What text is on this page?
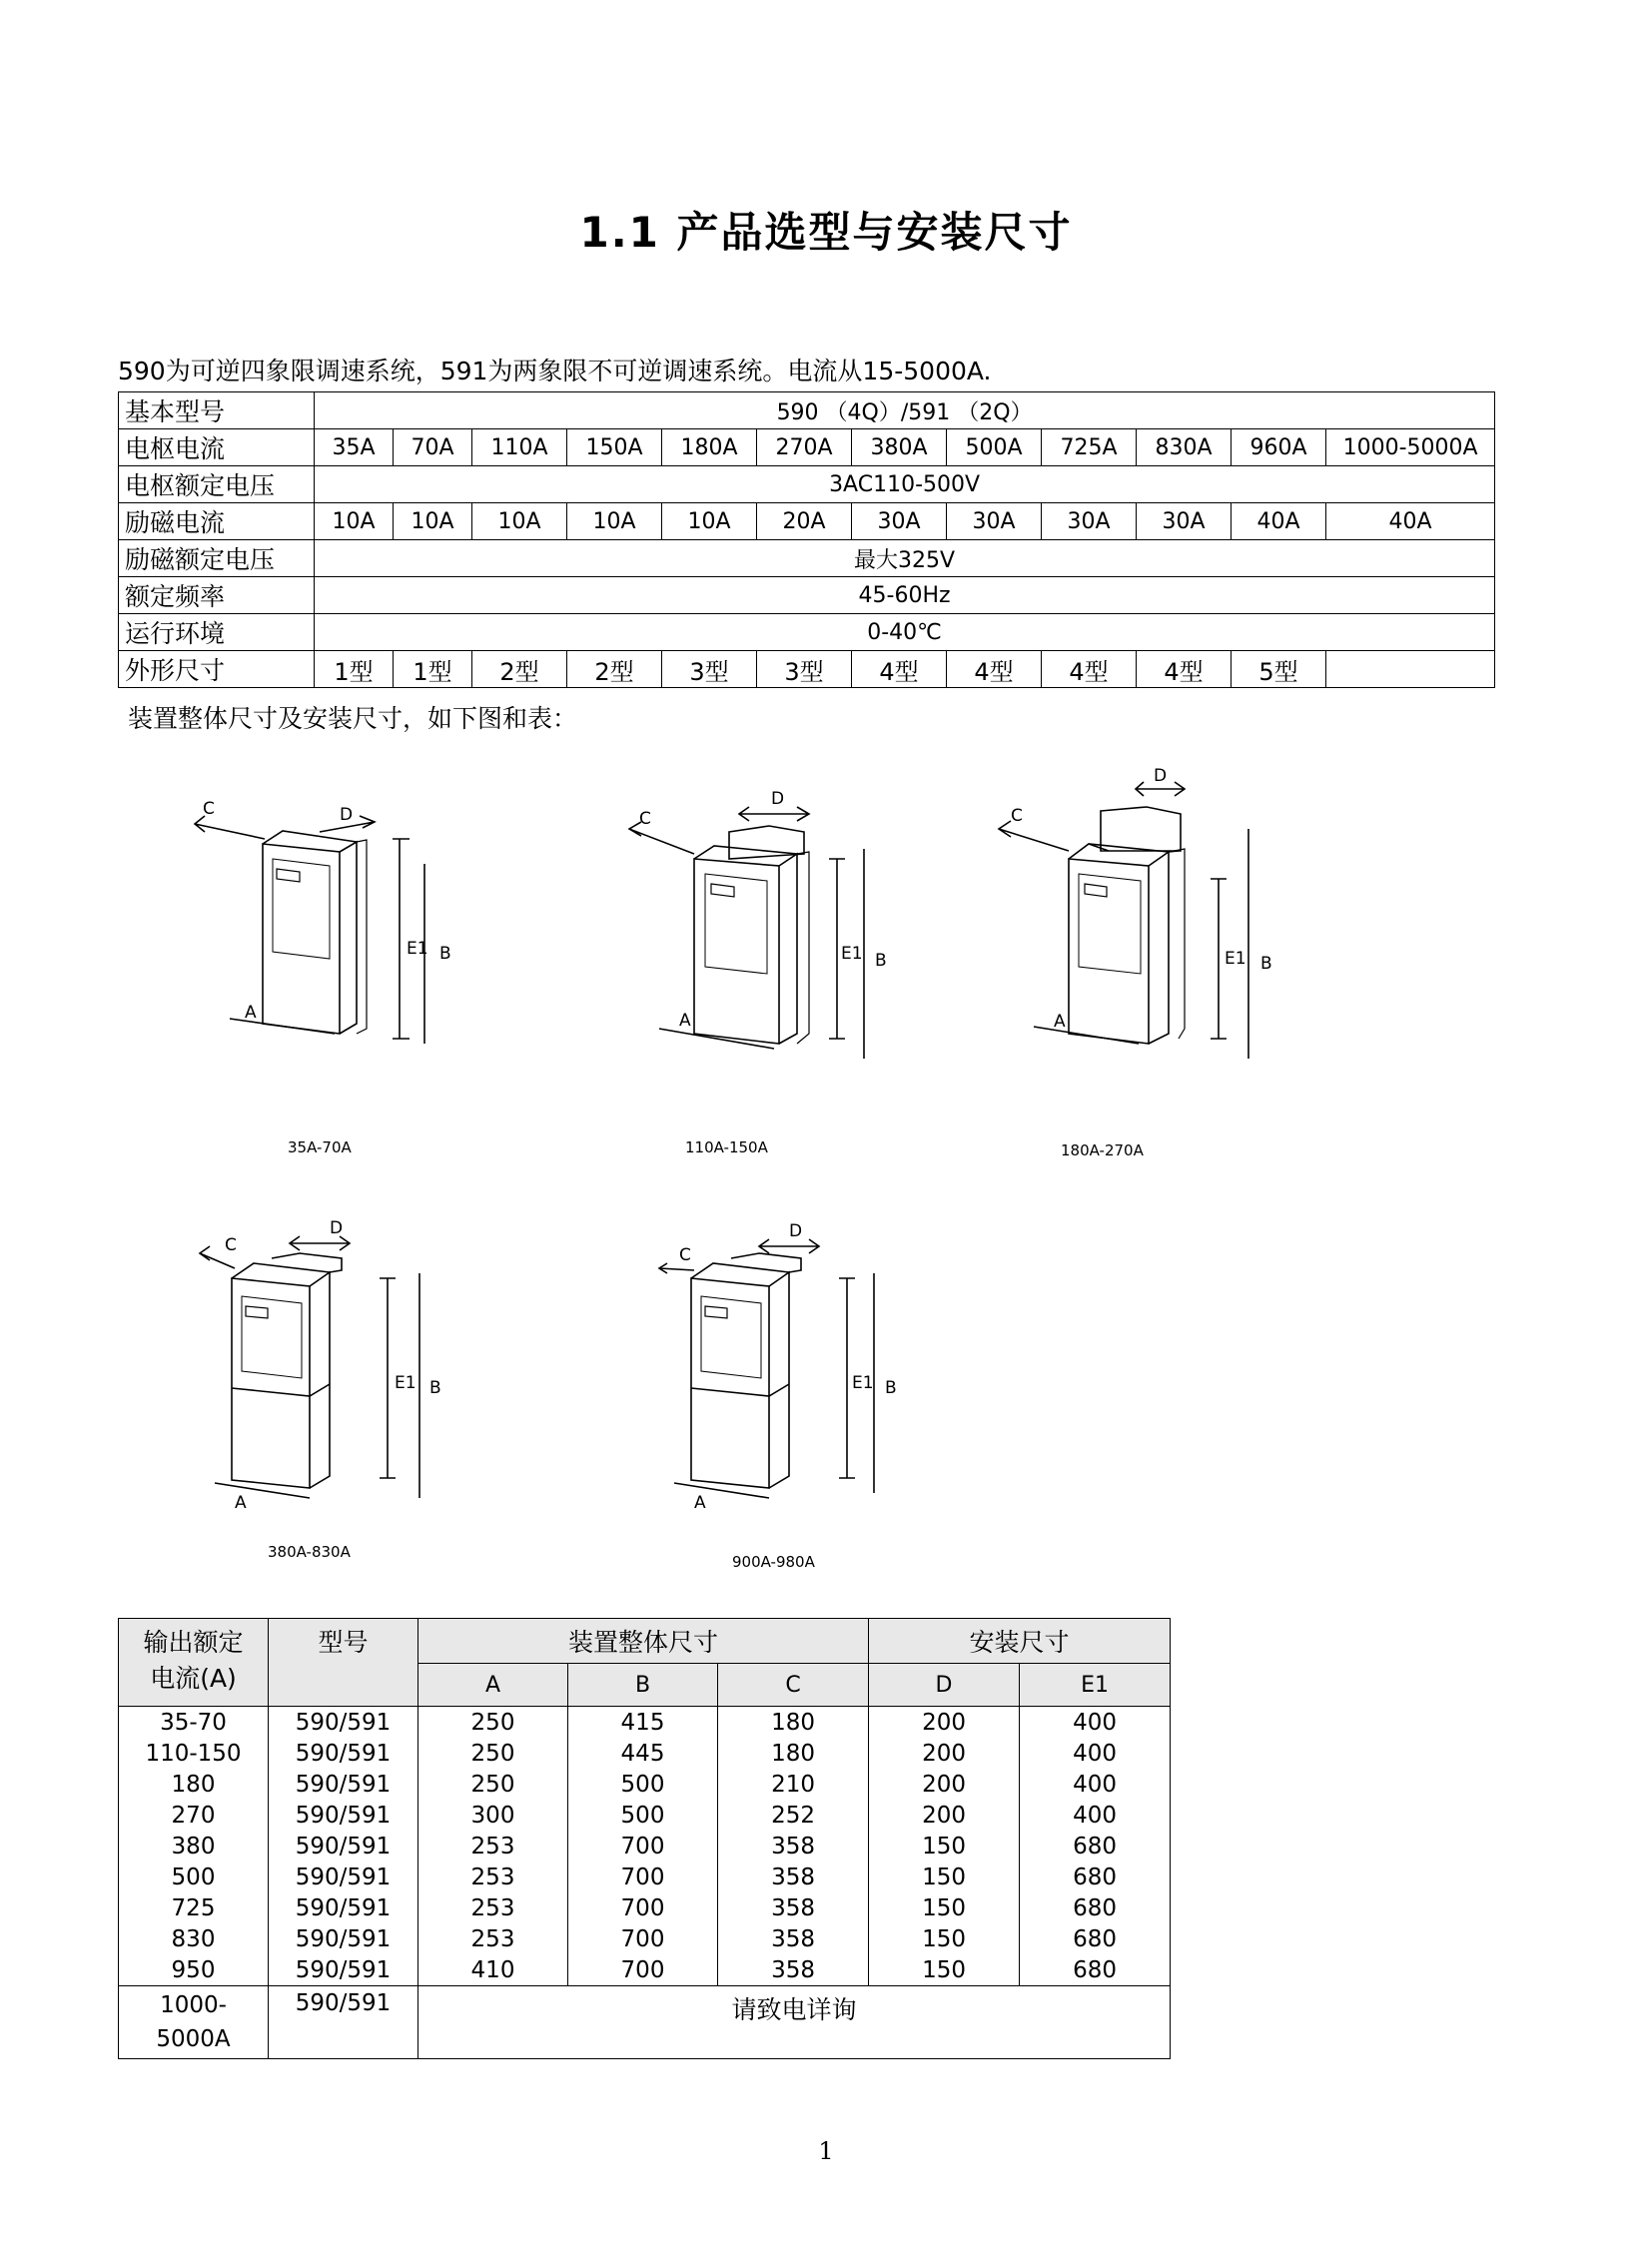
1.1 产品选型与安装尺寸
590为可逆四象限调速系统，591为两象限不可逆调速系统。电流从15-5000A.
基本型号	590 （4Q）/591 （2Q）											
电枢电流	35A	70A	110A	150A	180A	270A	380A	500A	725A	830A	960A	1000-5000A
电枢额定电压	3AC110-500V											
励磁电流	10A	10A	10A	10A	10A	20A	30A	30A	30A	30A	40A	40A
励磁额定电压	最大325V											
额定频率	45-60Hz											
运行环境	0-40℃											
外形尺寸	1型	1型	2型	2型	3型	3型	4型	4型	4型	4型	5型	
装置整体尺寸及安装尺寸，如下图和表：
C	D
E1 B
A
35A-70A
C
D
E1 B
A
110A-150A
C
D
E1 B
A
180A-270A
C
D
E1 B
A
380A-830A
C
D
E1 B
A
900A-980A
输出额定
电流(A)	型号	装置整体尺寸			安装尺寸	
		A	B	C	D	E1
35-70	590/591	250	415	180	200	400
110-150	590/591	250	445	180	200	400
180	590/591	250	500	210	200	400
270	590/591	300	500	252	200	400
380	590/591	253	700	358	150	680
500	590/591	253	700	358	150	680
725	590/591	253	700	358	150	680
830	590/591	253	700	358	150	680
950	590/591	410	700	358	150	680

1000-
5000A	590/591	请致电详询				
1
